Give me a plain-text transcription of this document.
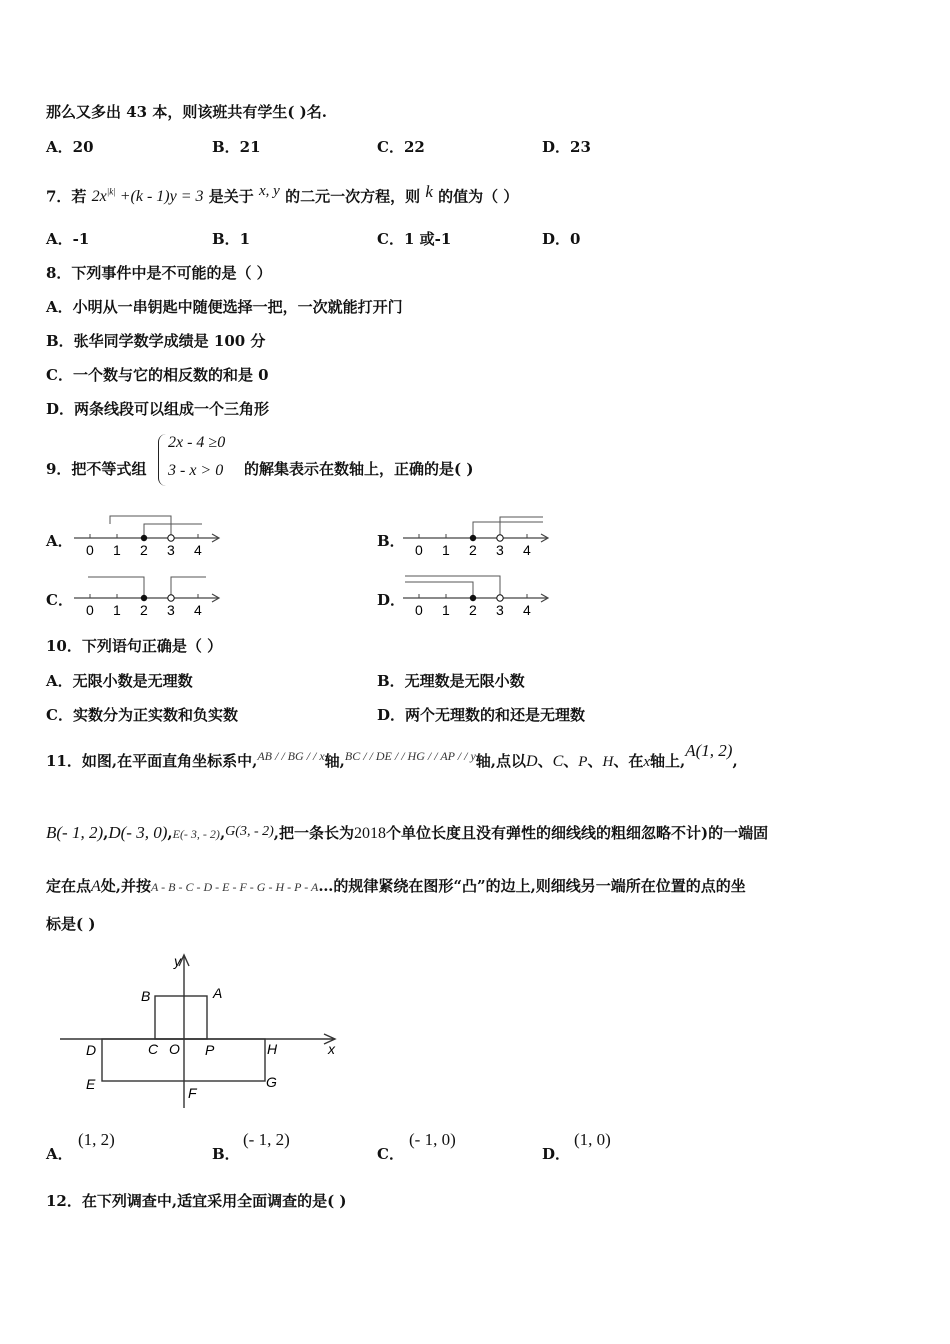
那么又多出 43 本，则该班共有学生( )名.
A．20	B．21	C．22	D．23
7．若 $2x^{|k|} +(k - 1)y = 3$ 是关于 x, y 的二元一次方程，则 k 的值为（ ）
A．-1	B．1	C．1 或-1	D．0
8．下列事件中是不可能的是（ ）
A．小明从一串钥匙中随便选择一把，一次就能打开门
B．张华同学数学成绩是 100 分
C．一个数与它的相反数的和是 0
D．两条线段可以组成一个三角形
9．把不等式组
2x - 4 ≥0
3 - x > 0 的解集表示在数轴上，正确的是( )
A．	B．
C．	D．
0 1 2 3 4	0 1 2 3 4
0 1 2 3 4	0 1 2 3 4
10．下列语句正确是（ ）
A．无限小数是无理数	B．无理数是无限小数
C．实数分为正实数和负实数	D．两个无理数的和还是无理数
11．如图,在平面直角坐标系中,$^{AB / / BG / / x}$轴,$^{BC / / DE / / HG / / AP / / y}$轴,点以D、C、P、H、在x轴上,A(1, 2),
B(- 1, 2),D(- 3, 0),E(- 3, - 2),G(3, - 2),把一条长为2018个单位长度且没有弹性的细线线的粗细忽略不计)的一端固
定在点A处,并按A - B - C - D - E - F - G - H - P - A…的规律紧绕在图形“凸”的边上,则细线另一端所在位置的点的坐
标是( )
y
x
B	A
D	C O P	H
E
F
G
A．
(1, 2)
B．
(- 1, 2)
C．
(- 1, 0)
D．
(1, 0)
12．在下列调查中,适宜采用全面调查的是( )
